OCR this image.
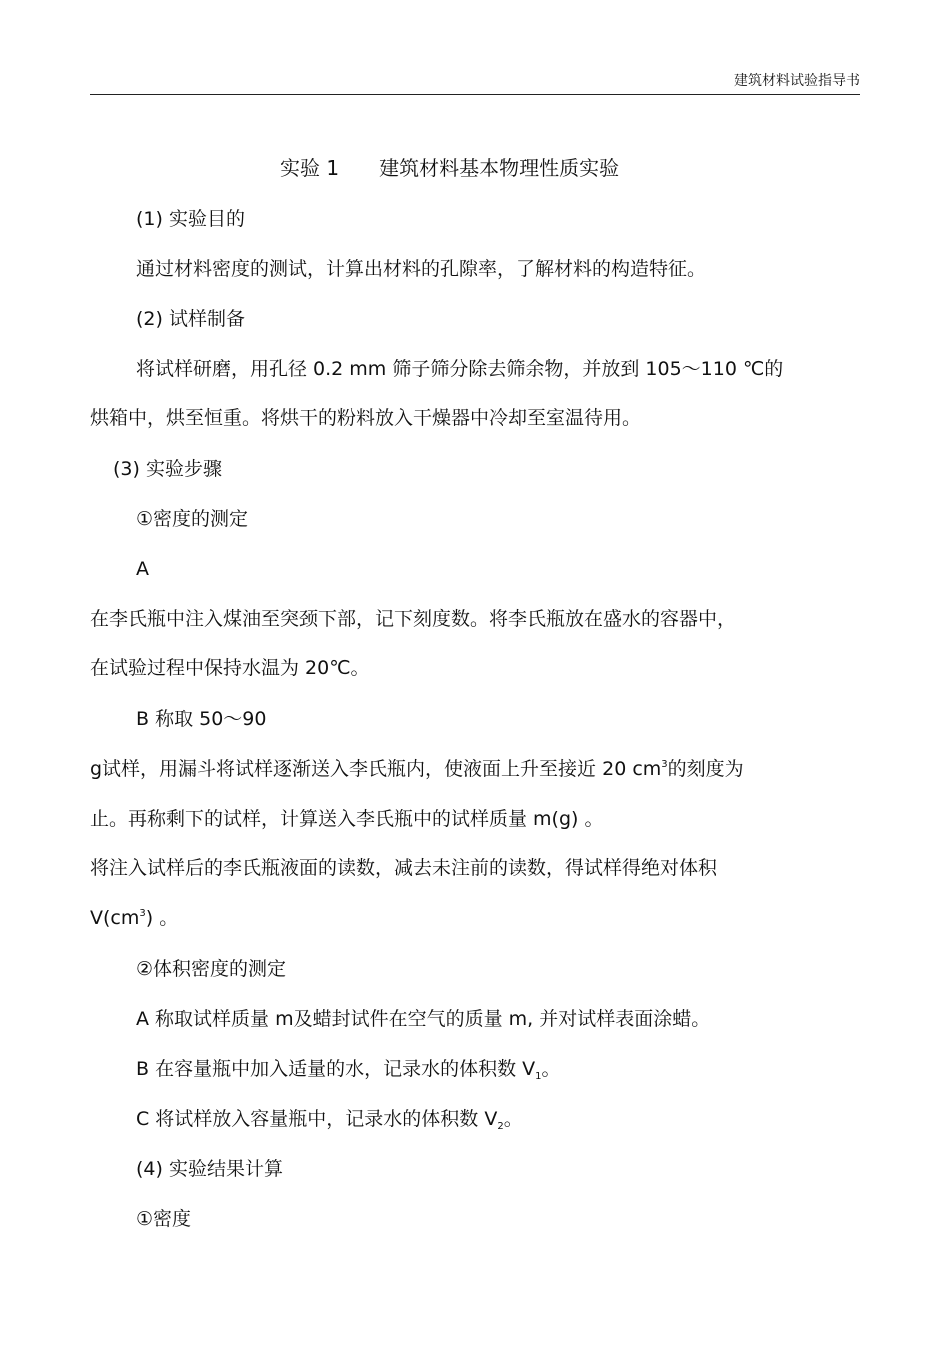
建筑材料试验指导书
实验 1　　建筑材料基本物理性质实验
(1) 实验目的
通过材料密度的测试，计算出材料的孔隙率，了解材料的构造特征。
(2) 试样制备
将试样研磨，用孔径 0.2 mm 筛子筛分除去筛余物，并放到 105～110 ℃的
烘箱中，烘至恒重。将烘干的粉料放入干燥器中冷却至室温待用。
(3) 实验步骤
①密度的测定
A
在李氏瓶中注入煤油至突颈下部，记下刻度数。将李氏瓶放在盛水的容器中，
在试验过程中保持水温为 20℃。
B 称取 50～90
g试样，用漏斗将试样逐渐送入李氏瓶内，使液面上升至接近 20 $cm^3$的刻度为
止。再称剩下的试样，计算送入李氏瓶中的试样质量 m(g) 。
将注入试样后的李氏瓶液面的读数，减去未注前的读数，得试样得绝对体积
$V(cm^3)$ 。
②体积密度的测定
A 称取试样质量 m及蜡封试件在空气的质量 m, 并对试样表面涂蜡。
B 在容量瓶中加入适量的水，记录水的体积数 $V_1$。
C 将试样放入容量瓶中，记录水的体积数 $V_2$。
(4) 实验结果计算
①密度
